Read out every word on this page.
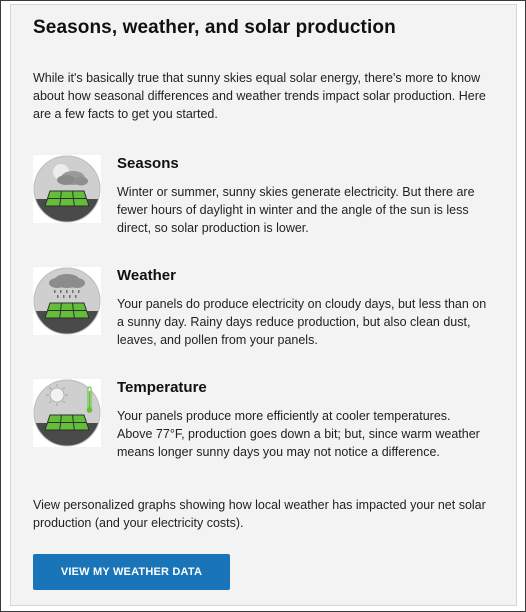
Seasons, weather, and solar production
While it's basically true that sunny skies equal solar energy, there's more to know about how seasonal differences and weather trends impact solar production. Here are a few facts to get you started.
Seasons
Winter or summer, sunny skies generate electricity. But there are fewer hours of daylight in winter and the angle of the sun is less direct, so solar production is lower.
Weather
Your panels do produce electricity on cloudy days, but less than on a sunny day. Rainy days reduce production, but also clean dust, leaves, and pollen from your panels.
Temperature
Your panels produce more efficiently at cooler temperatures. Above 77°F, production goes down a bit; but, since warm weather means longer sunny days you may not notice a difference.
View personalized graphs showing how local weather has impacted your net solar production (and your electricity costs).
VIEW MY WEATHER DATA
